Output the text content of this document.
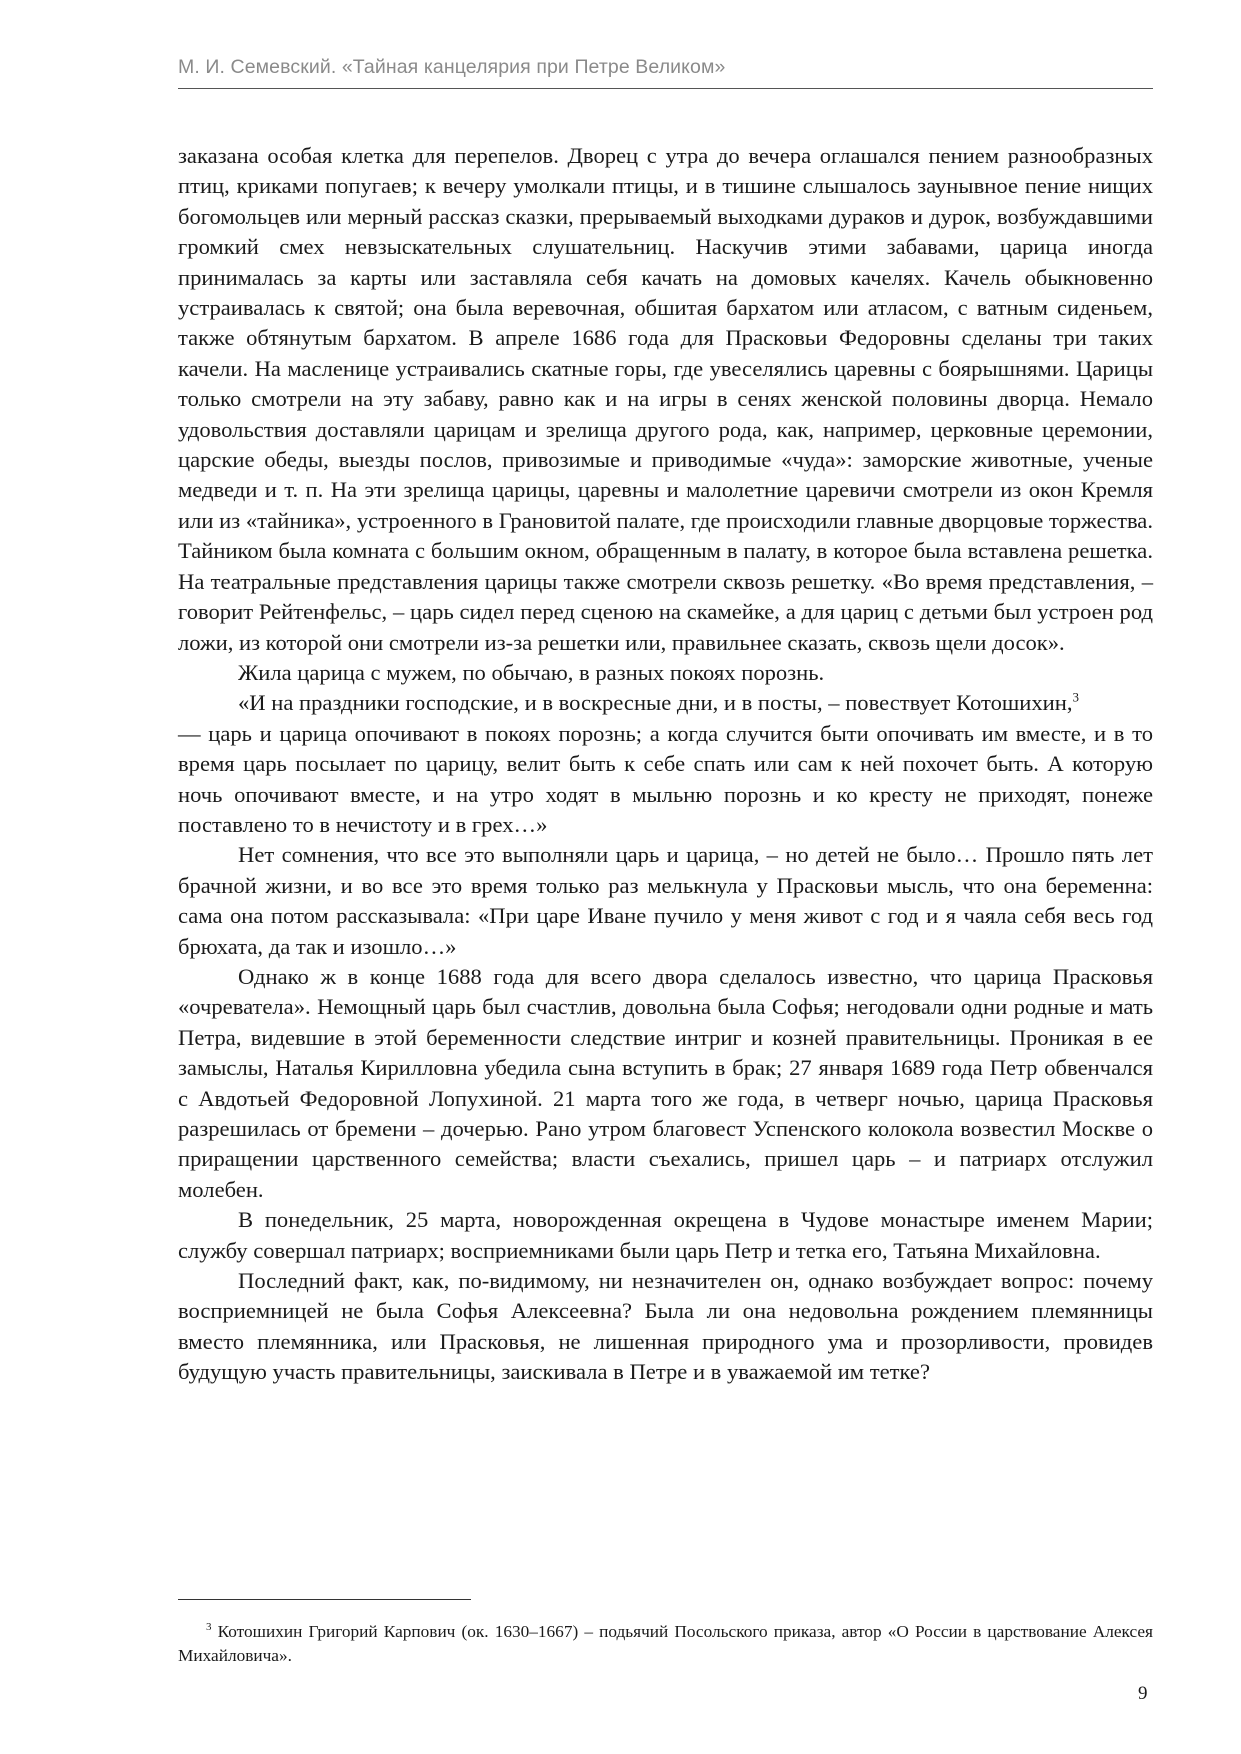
М. И. Семевский. «Тайная канцелярия при Петре Великом»

заказана особая клетка для перепелов. Дворец с утра до вечера оглашался пением разнообразных птиц, криками попугаев; к вечеру умолкали птицы, и в тишине слышалось заунывное пение нищих богомольцев или мерный рассказ сказки, прерываемый выходками дураков и дурок, возбуждавшими громкий смех невзыскательных слушательниц. Наскучив этими забавами, царица иногда принималась за карты или заставляла себя качать на домовых качелях. Качель обыкновенно устраивалась к святой; она была веревочная, обшитая бархатом или атласом, с ватным сиденьем, также обтянутым бархатом. В апреле 1686 года для Прасковьи Федоровны сделаны три таких качели. На масленице устраивались скатные горы, где увеселялись царевны с боярышнями. Царицы только смотрели на эту забаву, равно как и на игры в сенях женской половины дворца. Немало удовольствия доставляли царицам и зрелища другого рода, как, например, церковные церемонии, царские обеды, выезды послов, привозимые и приводимые «чуда»: заморские животные, ученые медведи и т. п. На эти зрелища царицы, царевны и малолетние царевичи смотрели из окон Кремля или из «тайника», устроенного в Грановитой палате, где происходили главные дворцовые торжества. Тайником была комната с большим окном, обращенным в палату, в которое была вставлена решетка. На театральные представления царицы также смотрели сквозь решетку. «Во время представления, – говорит Рейтенфельс, – царь сидел перед сценою на скамейке, а для цариц с детьми был устроен род ложи, из которой они смотрели из-за решетки или, правильнее сказать, сквозь щели досок».

Жила царица с мужем, по обычаю, в разных покоях порознь.

«И на праздники господские, и в воскресные дни, и в посты, – повествует Котошихин,$^3$

— царь и царица опочивают в покоях порознь; а когда случится быти опочивать им вместе, и в то время царь посылает по царицу, велит быть к себе спать или сам к ней похочет быть. А которую ночь опочивают вместе, и на утро ходят в мыльню порознь и ко кресту не приходят, понеже поставлено то в нечистоту и в грех…»

Нет сомнения, что все это выполняли царь и царица, – но детей не было… Прошло пять лет брачной жизни, и во все это время только раз мелькнула у Прасковьи мысль, что она беременна: сама она потом рассказывала: «При царе Иване пучило у меня живот с год и я чаяла себя весь год брюхата, да так и изошло…»

Однако ж в конце 1688 года для всего двора сделалось известно, что царица Прасковья «очревателa». Немощный царь был счастлив, довольна была Софья; негодовали одни родные и мать Петра, видевшие в этой беременности следствие интриг и козней правительницы. Проникая в ее замыслы, Наталья Кирилловна убедила сына вступить в брак; 27 января 1689 года Петр обвенчался с Авдотьей Федоровной Лопухиной. 21 марта того же года, в четверг ночью, царица Прасковья разрешилась от бремени – дочерью. Рано утром благовест Успенского колокола возвестил Москве о приращении царственного семейства; власти съехались, пришел царь – и патриарх отслужил молебен.

В понедельник, 25 марта, новорожденная окрещена в Чудове монастыре именем Марии; службу совершал патриарх; восприемниками были царь Петр и тетка его, Татьяна Михайловна.

Последний факт, как, по-видимому, ни незначителен он, однако возбуждает вопрос: почему восприемницей не была Софья Алексеевна? Была ли она недовольна рождением племянницы вместо племянника, или Прасковья, не лишенная природного ума и прозорливости, провидев будущую участь правительницы, заискивала в Петре и в уважаемой им тетке?

$^3$ Котошихин Григорий Карпович (ок. 1630–1667) – подьячий Посольского приказа, автор «О России в царствование Алексея Михайловича».
9
